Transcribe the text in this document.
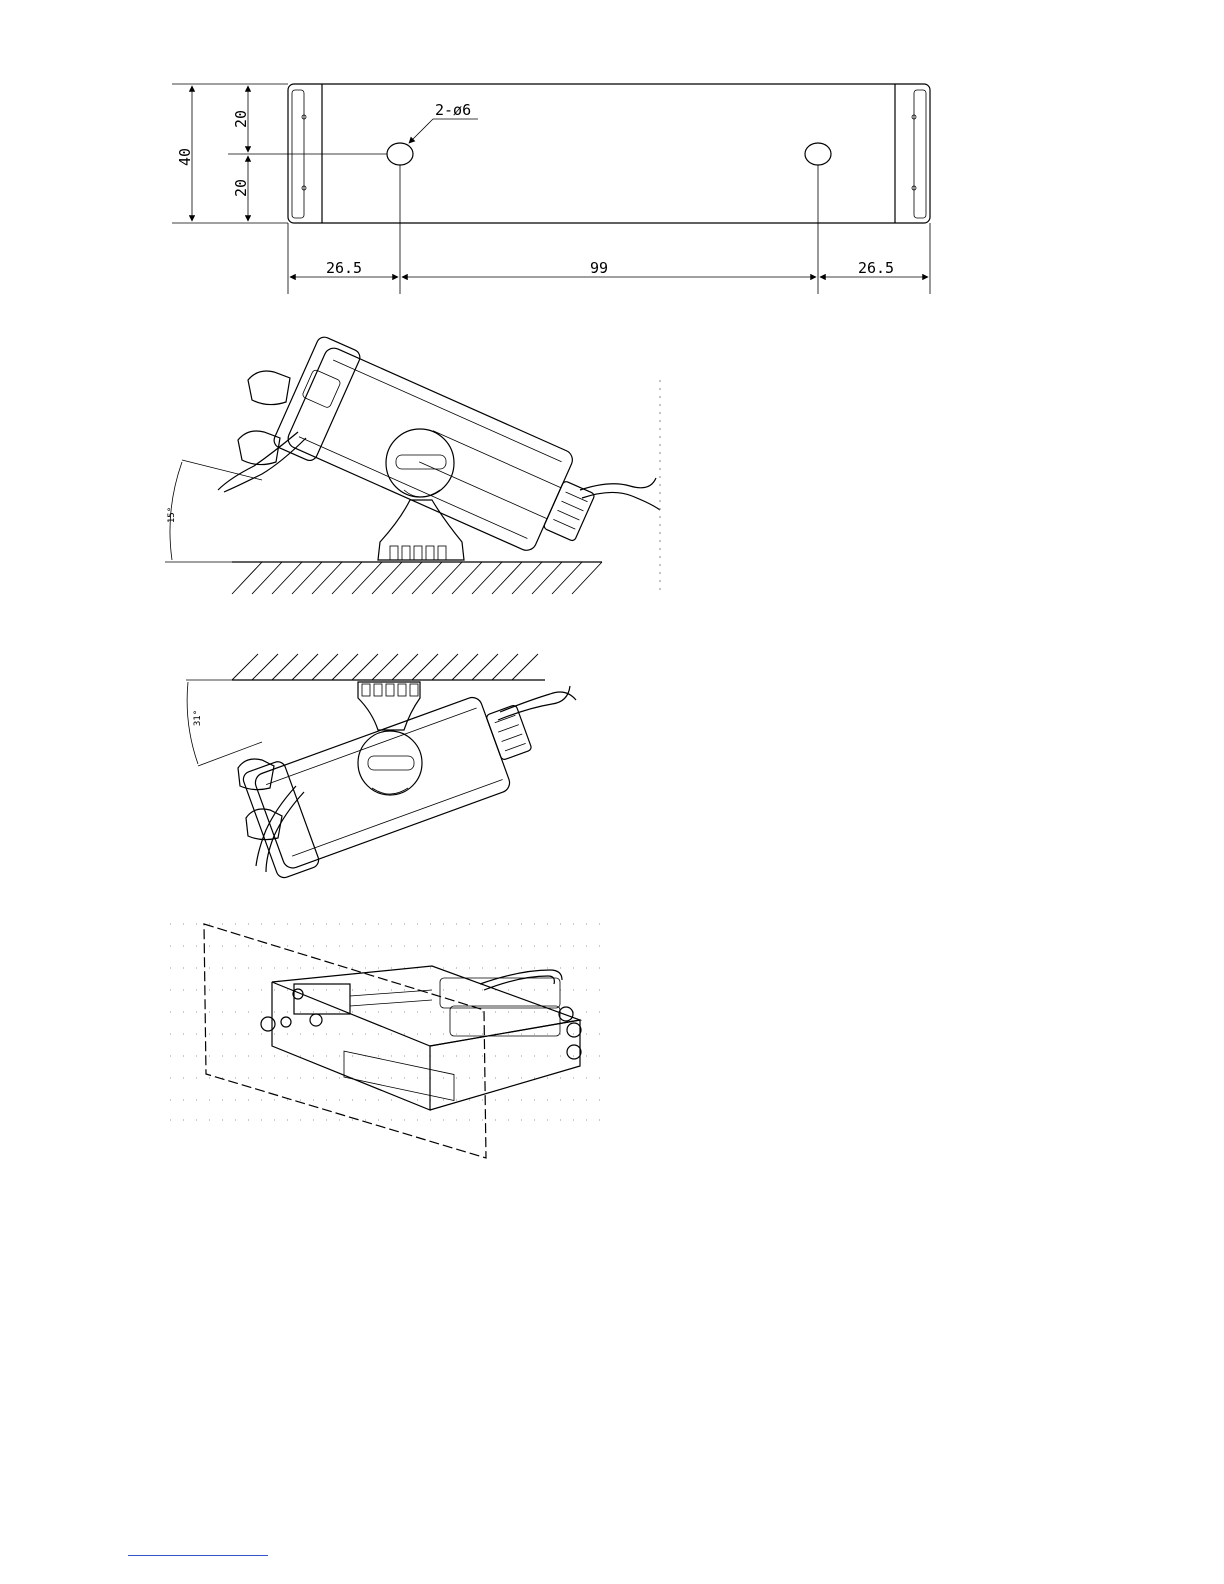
40
20
20
2-ø6
26.5	99	26.5
15°
31°
